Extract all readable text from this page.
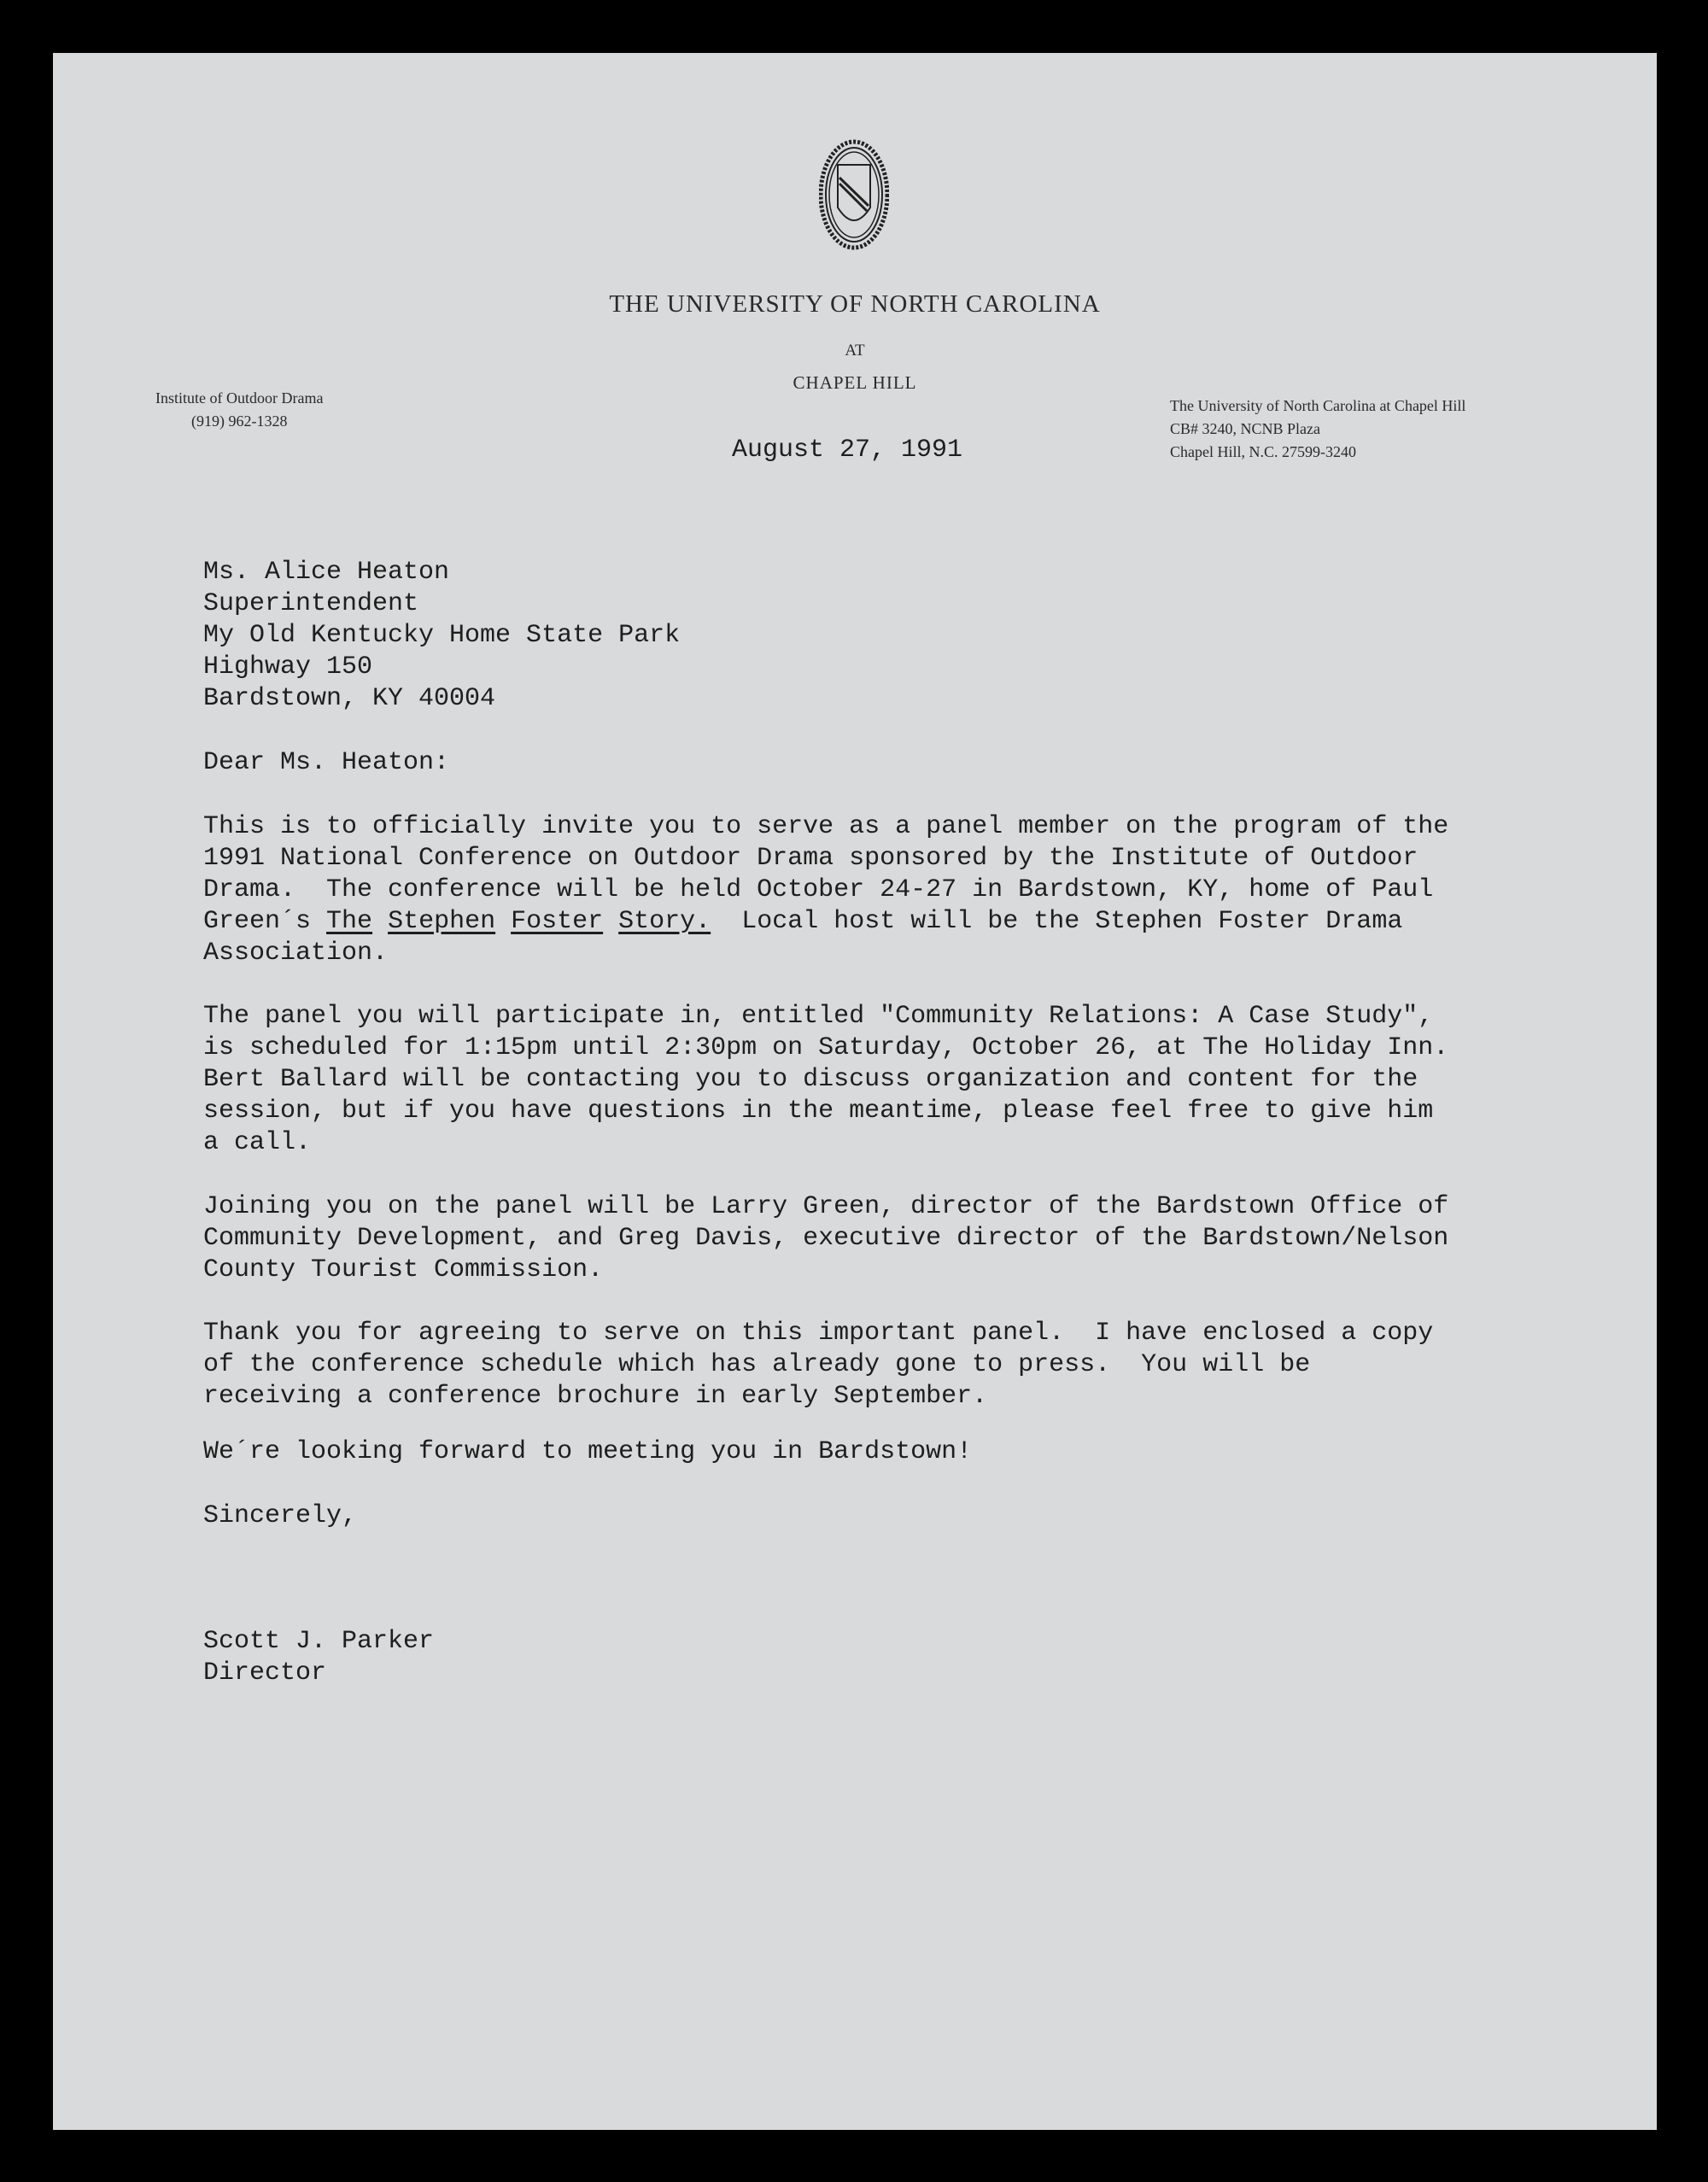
THE UNIVERSITY OF NORTH CAROLINA
AT
CHAPEL HILL
Institute of Outdoor Drama
(919) 962-1328
The University of North Carolina at Chapel Hill
CB# 3240, NCNB Plaza
Chapel Hill, N.C. 27599-3240
August 27, 1991
Ms. Alice Heaton
Superintendent
My Old Kentucky Home State Park
Highway 150
Bardstown, KY 40004
Dear Ms. Heaton:
This is to officially invite you to serve as a panel member on the program of the
1991 National Conference on Outdoor Drama sponsored by the Institute of Outdoor
Drama.  The conference will be held October 24-27 in Bardstown, KY, home of Paul
Green´s The Stephen Foster Story.  Local host will be the Stephen Foster Drama
Association.
The panel you will participate in, entitled "Community Relations: A Case Study",
is scheduled for 1:15pm until 2:30pm on Saturday, October 26, at The Holiday Inn.
Bert Ballard will be contacting you to discuss organization and content for the
session, but if you have questions in the meantime, please feel free to give him
a call.
Joining you on the panel will be Larry Green, director of the Bardstown Office of
Community Development, and Greg Davis, executive director of the Bardstown/Nelson
County Tourist Commission.
Thank you for agreeing to serve on this important panel.  I have enclosed a copy
of the conference schedule which has already gone to press.  You will be
receiving a conference brochure in early September.
We´re looking forward to meeting you in Bardstown!
Sincerely,
Scott J. Parker
Director
